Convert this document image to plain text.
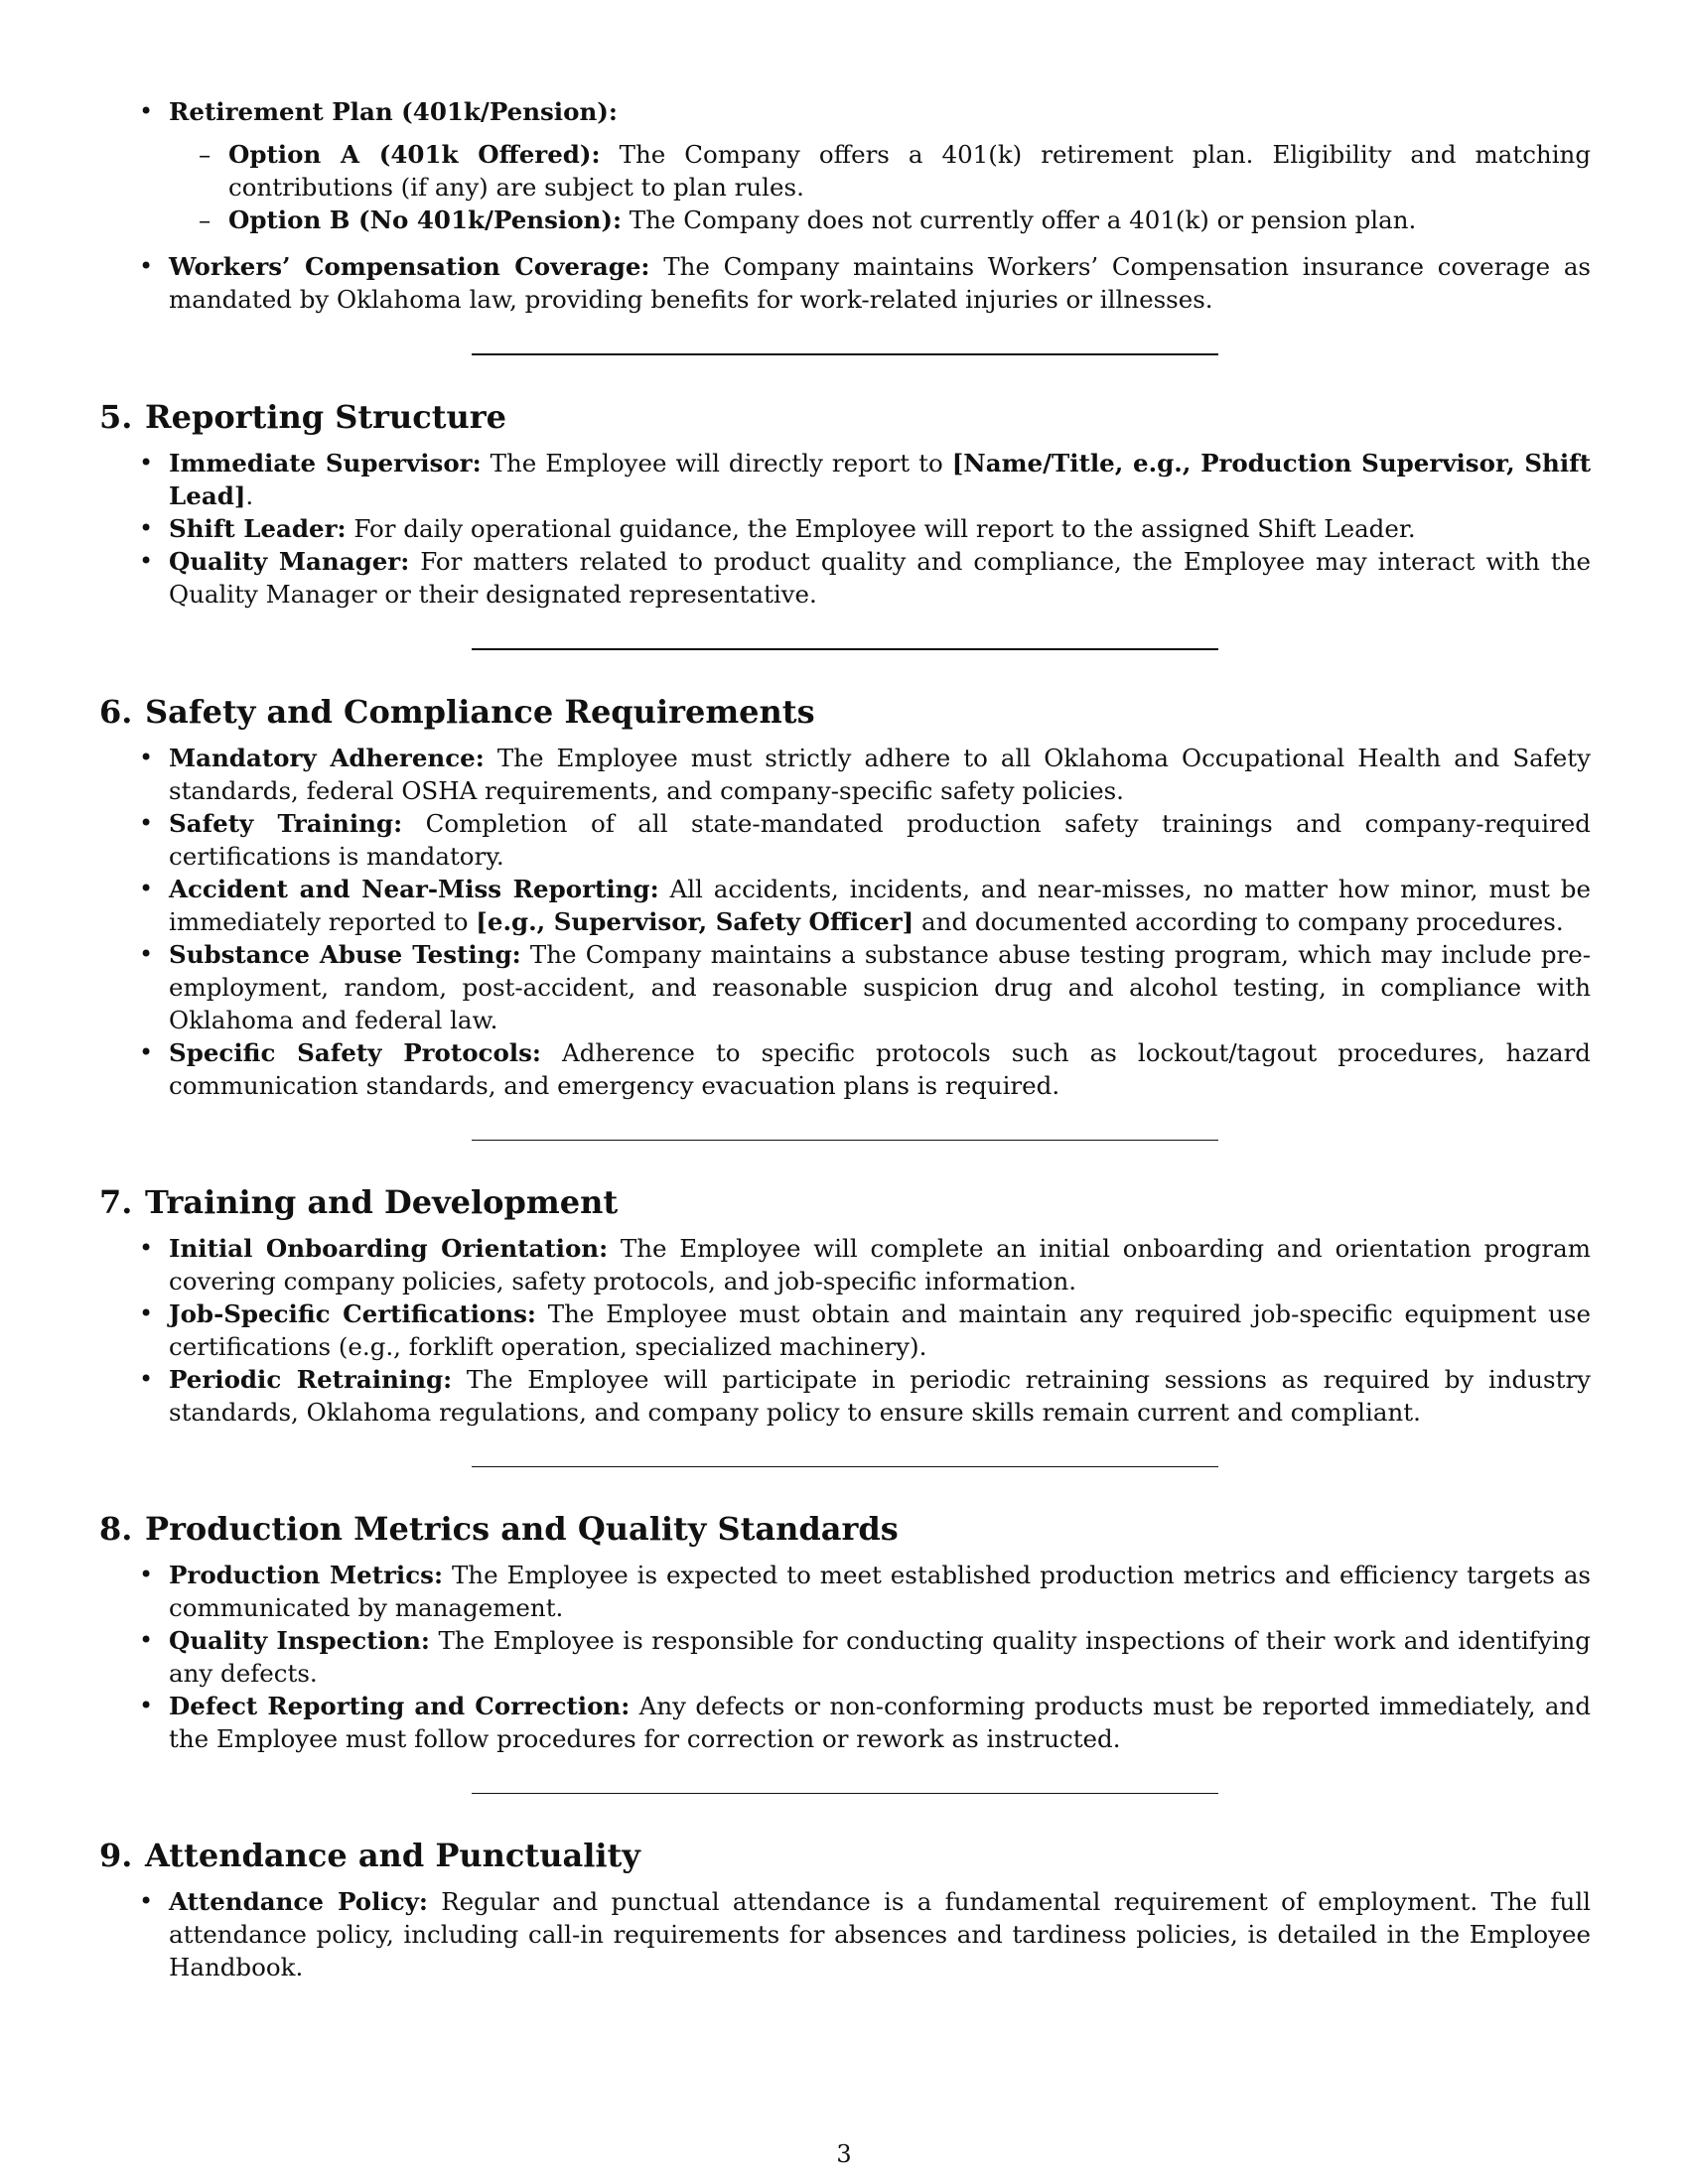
• Retirement Plan (401k/Pension):
– Option A (401k Offered): The Company offers a 401(k) retirement plan. Eligibility and matching contributions (if any) are subject to plan rules.
– Option B (No 401k/Pension): The Company does not currently offer a 401(k) or pension plan.
• Workers’ Compensation Coverage: The Company maintains Workers’ Compensation insurance coverage as mandated by Oklahoma law, providing benefits for work-related injuries or illnesses.
5. Reporting Structure
• Immediate Supervisor: The Employee will directly report to [Name/Title, e.g., Production Supervisor, Shift Lead].
• Shift Leader: For daily operational guidance, the Employee will report to the assigned Shift Leader.
• Quality Manager: For matters related to product quality and compliance, the Employee may interact with the Quality Manager or their designated representative.
6. Safety and Compliance Requirements
• Mandatory Adherence: The Employee must strictly adhere to all Oklahoma Occupational Health and Safety standards, federal OSHA requirements, and company-specific safety policies.
• Safety Training: Completion of all state-mandated production safety trainings and company-required certifications is mandatory.
• Accident and Near-Miss Reporting: All accidents, incidents, and near-misses, no matter how minor, must be immediately reported to [e.g., Supervisor, Safety Officer] and documented according to company procedures.
• Substance Abuse Testing: The Company maintains a substance abuse testing program, which may include pre-employment, random, post-accident, and reasonable suspicion drug and alcohol testing, in compliance with Oklahoma and federal law.
• Specific Safety Protocols: Adherence to specific protocols such as lockout/tagout procedures, hazard communication standards, and emergency evacuation plans is required.
7. Training and Development
• Initial Onboarding Orientation: The Employee will complete an initial onboarding and orientation program covering company policies, safety protocols, and job-specific information.
• Job-Specific Certifications: The Employee must obtain and maintain any required job-specific equipment use certifications (e.g., forklift operation, specialized machinery).
• Periodic Retraining: The Employee will participate in periodic retraining sessions as required by industry standards, Oklahoma regulations, and company policy to ensure skills remain current and compliant.
8. Production Metrics and Quality Standards
• Production Metrics: The Employee is expected to meet established production metrics and efficiency targets as communicated by management.
• Quality Inspection: The Employee is responsible for conducting quality inspections of their work and identifying any defects.
• Defect Reporting and Correction: Any defects or non-conforming products must be reported immediately, and the Employee must follow procedures for correction or rework as instructed.
9. Attendance and Punctuality
• Attendance Policy: Regular and punctual attendance is a fundamental requirement of employment. The full attendance policy, including call-in requirements for absences and tardiness policies, is detailed in the Employee Handbook.
3
